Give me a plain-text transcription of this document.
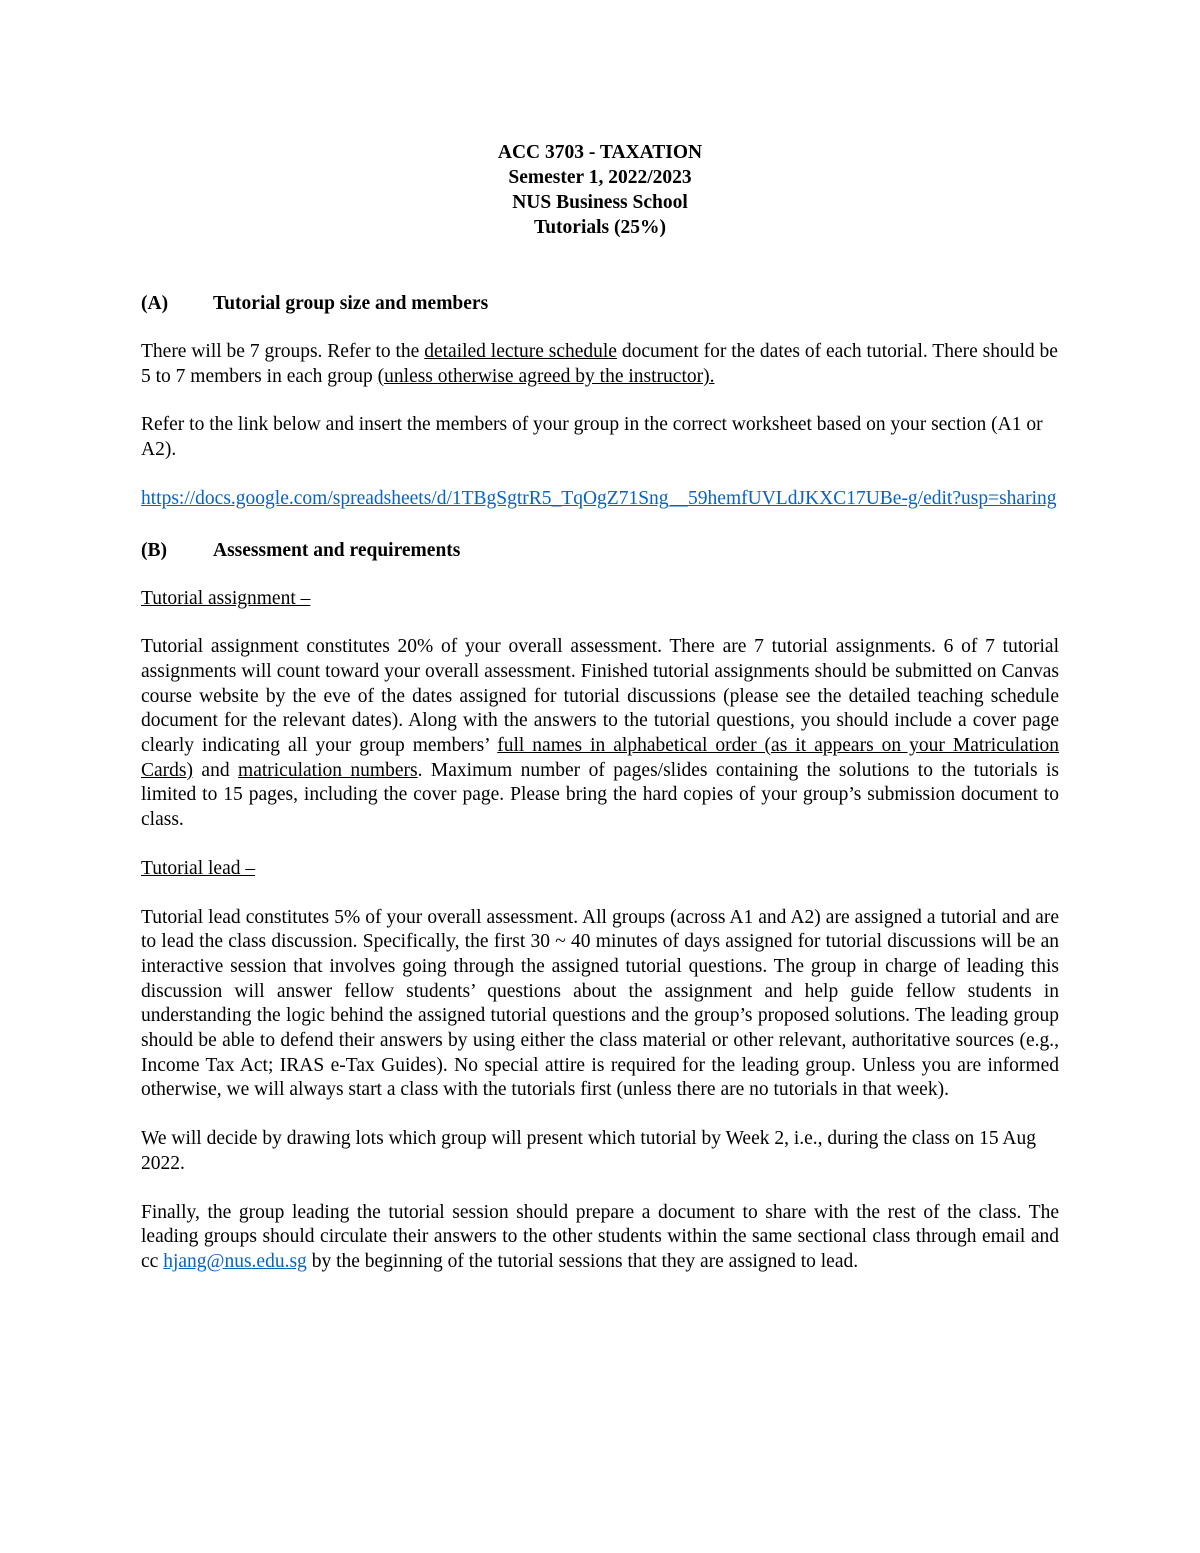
ACC 3703 - TAXATION
Semester 1, 2022/2023
NUS Business School
Tutorials (25%)
(A)	Tutorial group size and members

There will be 7 groups. Refer to the detailed lecture schedule document for the dates of each tutorial. There should be 5 to 7 members in each group (unless otherwise agreed by the instructor).

Refer to the link below and insert the members of your group in the correct worksheet based on your section (A1 or A2).

https://docs.google.com/spreadsheets/d/1TBgSgtrR5_TqOgZ71Sng__59hemfUVLdJKXC17UBe-g/edit?usp=sharing

(B)	Assessment and requirements

Tutorial assignment –

Tutorial assignment constitutes 20% of your overall assessment. There are 7 tutorial assignments. 6 of 7 tutorial assignments will count toward your overall assessment. Finished tutorial assignments should be submitted on Canvas course website by the eve of the dates assigned for tutorial discussions (please see the detailed teaching schedule document for the relevant dates). Along with the answers to the tutorial questions, you should include a cover page clearly indicating all your group members’ full names in alphabetical order (as it appears on your Matriculation Cards) and matriculation numbers. Maximum number of pages/slides containing the solutions to the tutorials is limited to 15 pages, including the cover page. Please bring the hard copies of your group’s submission document to class.

Tutorial lead –

Tutorial lead constitutes 5% of your overall assessment. All groups (across A1 and A2) are assigned a tutorial and are to lead the class discussion. Specifically, the first 30 ~ 40 minutes of days assigned for tutorial discussions will be an interactive session that involves going through the assigned tutorial questions. The group in charge of leading this discussion will answer fellow students’ questions about the assignment and help guide fellow students in understanding the logic behind the assigned tutorial questions and the group’s proposed solutions. The leading group should be able to defend their answers by using either the class material or other relevant, authoritative sources (e.g., Income Tax Act; IRAS e-Tax Guides). No special attire is required for the leading group. Unless you are informed otherwise, we will always start a class with the tutorials first (unless there are no tutorials in that week).

We will decide by drawing lots which group will present which tutorial by Week 2, i.e., during the class on 15 Aug 2022.

Finally, the group leading the tutorial session should prepare a document to share with the rest of the class. The leading groups should circulate their answers to the other students within the same sectional class through email and cc hjang@nus.edu.sg by the beginning of the tutorial sessions that they are assigned to lead.
